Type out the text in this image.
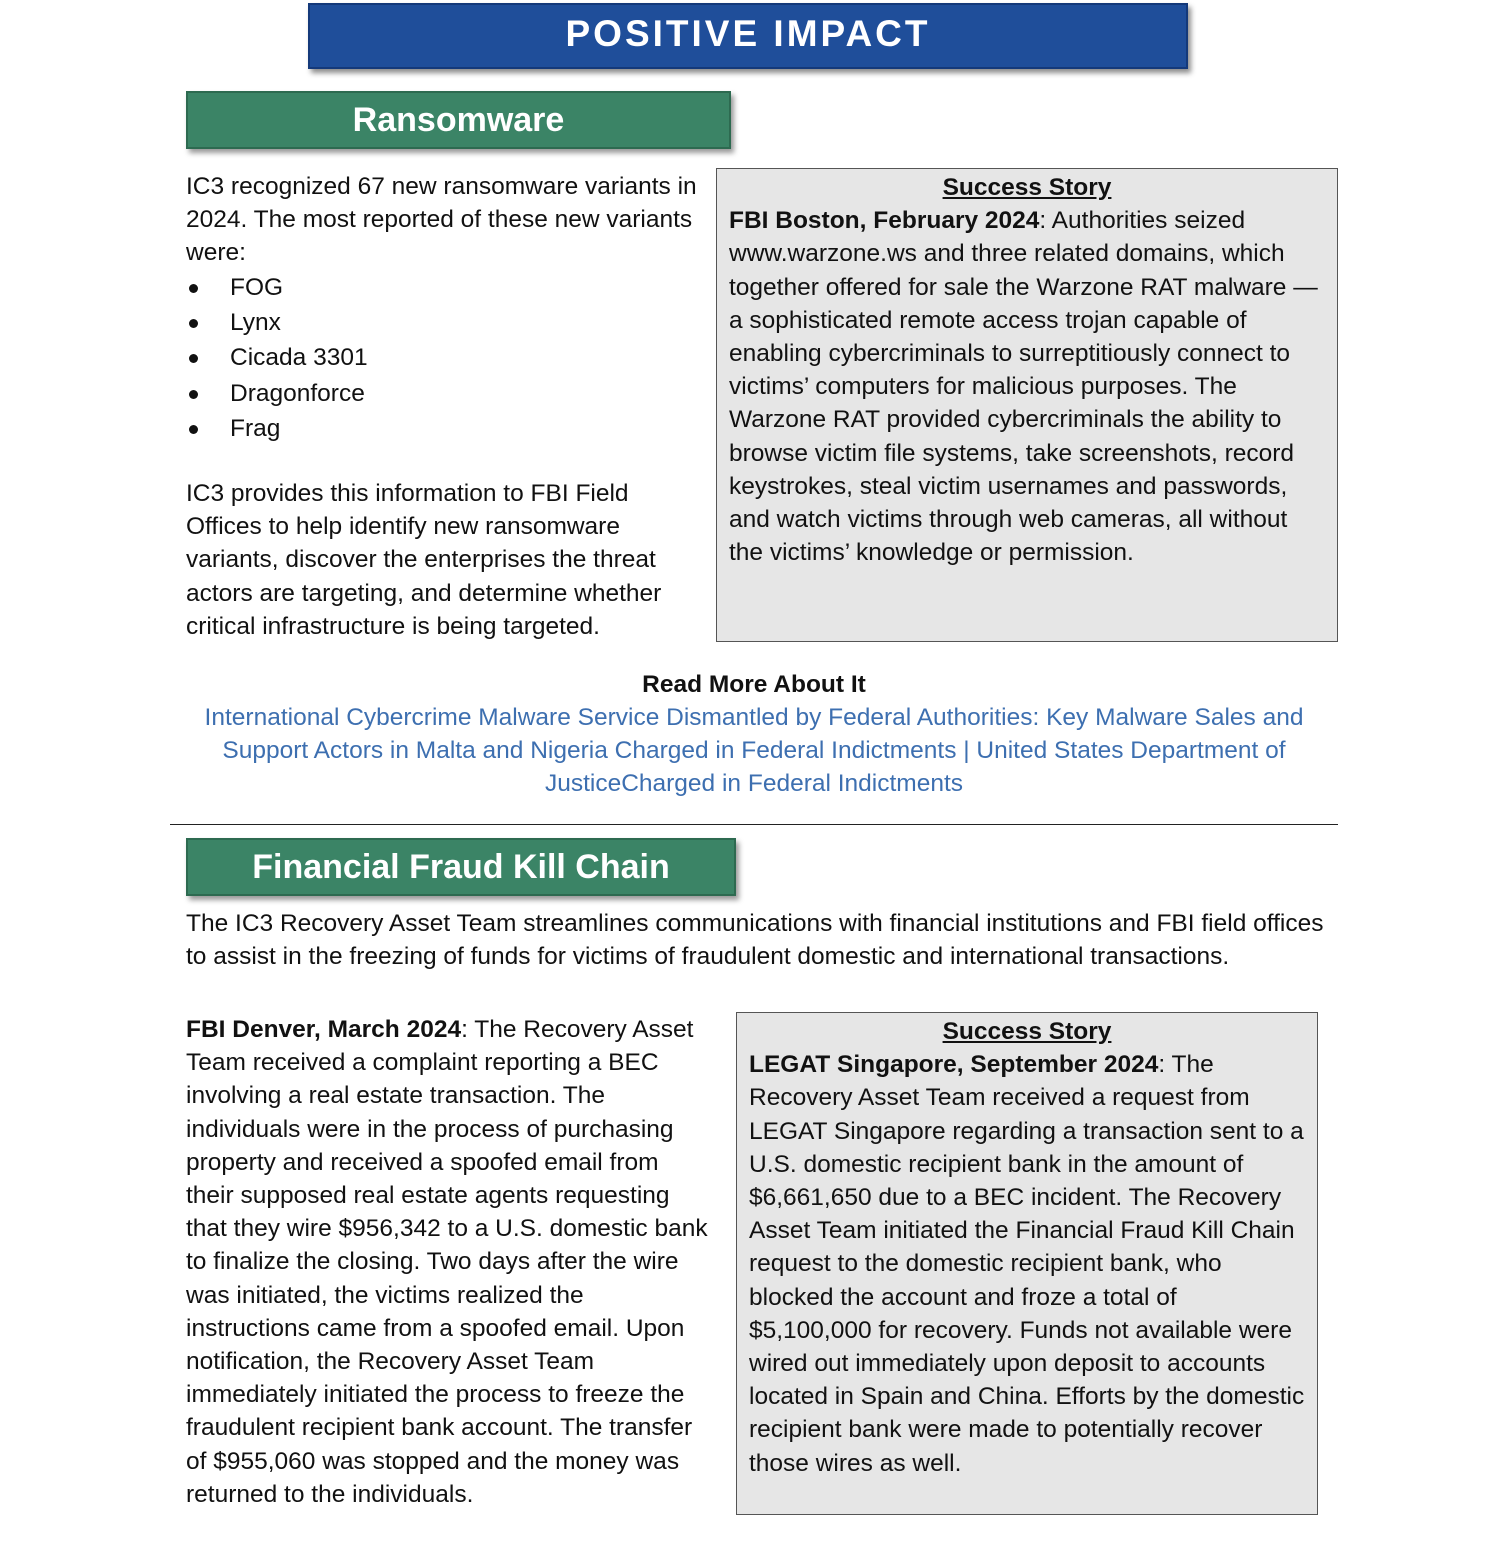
POSITIVE IMPACT
Ransomware

IC3 recognized 67 new ransomware variants in 2024. The most reported of these new variants were:

FOG
Lynx
Cicada 3301
Dragonforce
Frag

IC3 provides this information to FBI Field Offices to help identify new ransomware variants, discover the enterprises the threat actors are targeting, and determine whether critical infrastructure is being targeted.

Success Story
FBI Boston, February 2024: Authorities seized www.warzone.ws and three related domains, which together offered for sale the Warzone RAT malware — a sophisticated remote access trojan capable of enabling cybercriminals to surreptitiously connect to victims’ computers for malicious purposes. The Warzone RAT provided cybercriminals the ability to browse victim file systems, take screenshots, record keystrokes, steal victim usernames and passwords, and watch victims through web cameras, all without the victims’ knowledge or permission.
Read More About It
International Cybercrime Malware Service Dismantled by Federal Authorities: Key Malware Sales and Support Actors in Malta and Nigeria Charged in Federal Indictments | United States Department of JusticeCharged in Federal Indictments
Financial Fraud Kill Chain

The IC3 Recovery Asset Team streamlines communications with financial institutions and FBI field offices to assist in the freezing of funds for victims of fraudulent domestic and international transactions.

FBI Denver, March 2024: The Recovery Asset Team received a complaint reporting a BEC involving a real estate transaction. The individuals were in the process of purchasing property and received a spoofed email from their supposed real estate agents requesting that they wire $956,342 to a U.S. domestic bank to finalize the closing. Two days after the wire was initiated, the victims realized the instructions came from a spoofed email. Upon notification, the Recovery Asset Team immediately initiated the process to freeze the fraudulent recipient bank account. The transfer of $955,060 was stopped and the money was returned to the individuals.

Success Story
LEGAT Singapore, September 2024: The Recovery Asset Team received a request from LEGAT Singapore regarding a transaction sent to a U.S. domestic recipient bank in the amount of $6,661,650 due to a BEC incident. The Recovery Asset Team initiated the Financial Fraud Kill Chain request to the domestic recipient bank, who blocked the account and froze a total of $5,100,000 for recovery. Funds not available were wired out immediately upon deposit to accounts located in Spain and China. Efforts by the domestic recipient bank were made to potentially recover those wires as well.
